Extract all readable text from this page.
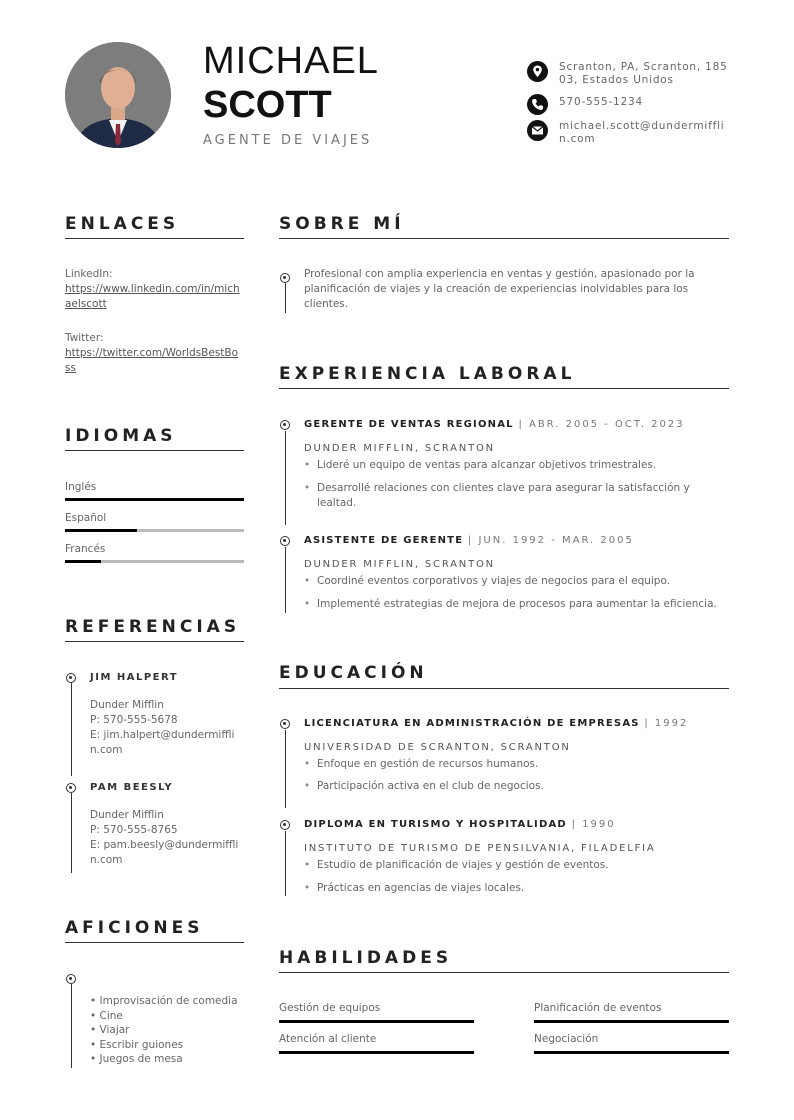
MICHAEL
SCOTT
AGENTE DE VIAJES
Scranton, PA, Scranton, 18503, Estados Unidos
570-555-1234
michael.scott@dundermifflin.com
ENLACES
LinkedIn:
https://www.linkedin.com/in/michaelscott
Twitter:
https://twitter.com/WorldsBestBoss
IDIOMAS
Inglés
Español
Francés
REFERENCIAS
JIM HALPERT
Dunder Mifflin
P: 570-555-5678
E: jim.halpert@dundermifflin.com
PAM BEESLY
Dunder Mifflin
P: 570-555-8765
E: pam.beesly@dundermifflin.com
AFICIONES
• Improvisación de comedia
• Cine
• Viajar
• Escribir guiones
• Juegos de mesa
SOBRE MÍ
Profesional con amplia experiencia en ventas y gestión, apasionado por la planificación de viajes y la creación de experiencias inolvidables para los clientes.
EXPERIENCIA LABORAL
GERENTE DE VENTAS REGIONAL | ABR. 2005 - OCT. 2023
DUNDER MIFFLIN, SCRANTON
• Lideré un equipo de ventas para alcanzar objetivos trimestrales.
• Desarrollé relaciones con clientes clave para asegurar la satisfacción y lealtad.
ASISTENTE DE GERENTE | JUN. 1992 - MAR. 2005
DUNDER MIFFLIN, SCRANTON
• Coordiné eventos corporativos y viajes de negocios para el equipo.
• Implementé estrategias de mejora de procesos para aumentar la eficiencia.
EDUCACIÓN
LICENCIATURA EN ADMINISTRACIÓN DE EMPRESAS | 1992
UNIVERSIDAD DE SCRANTON, SCRANTON
• Enfoque en gestión de recursos humanos.
• Participación activa en el club de negocios.
DIPLOMA EN TURISMO Y HOSPITALIDAD | 1990
INSTITUTO DE TURISMO DE PENSILVANIA, FILADELFIA
• Estudio de planificación de viajes y gestión de eventos.
• Prácticas en agencias de viajes locales.
HABILIDADES
Gestión de equipos	Planificación de eventos
Atención al cliente	Negociación
